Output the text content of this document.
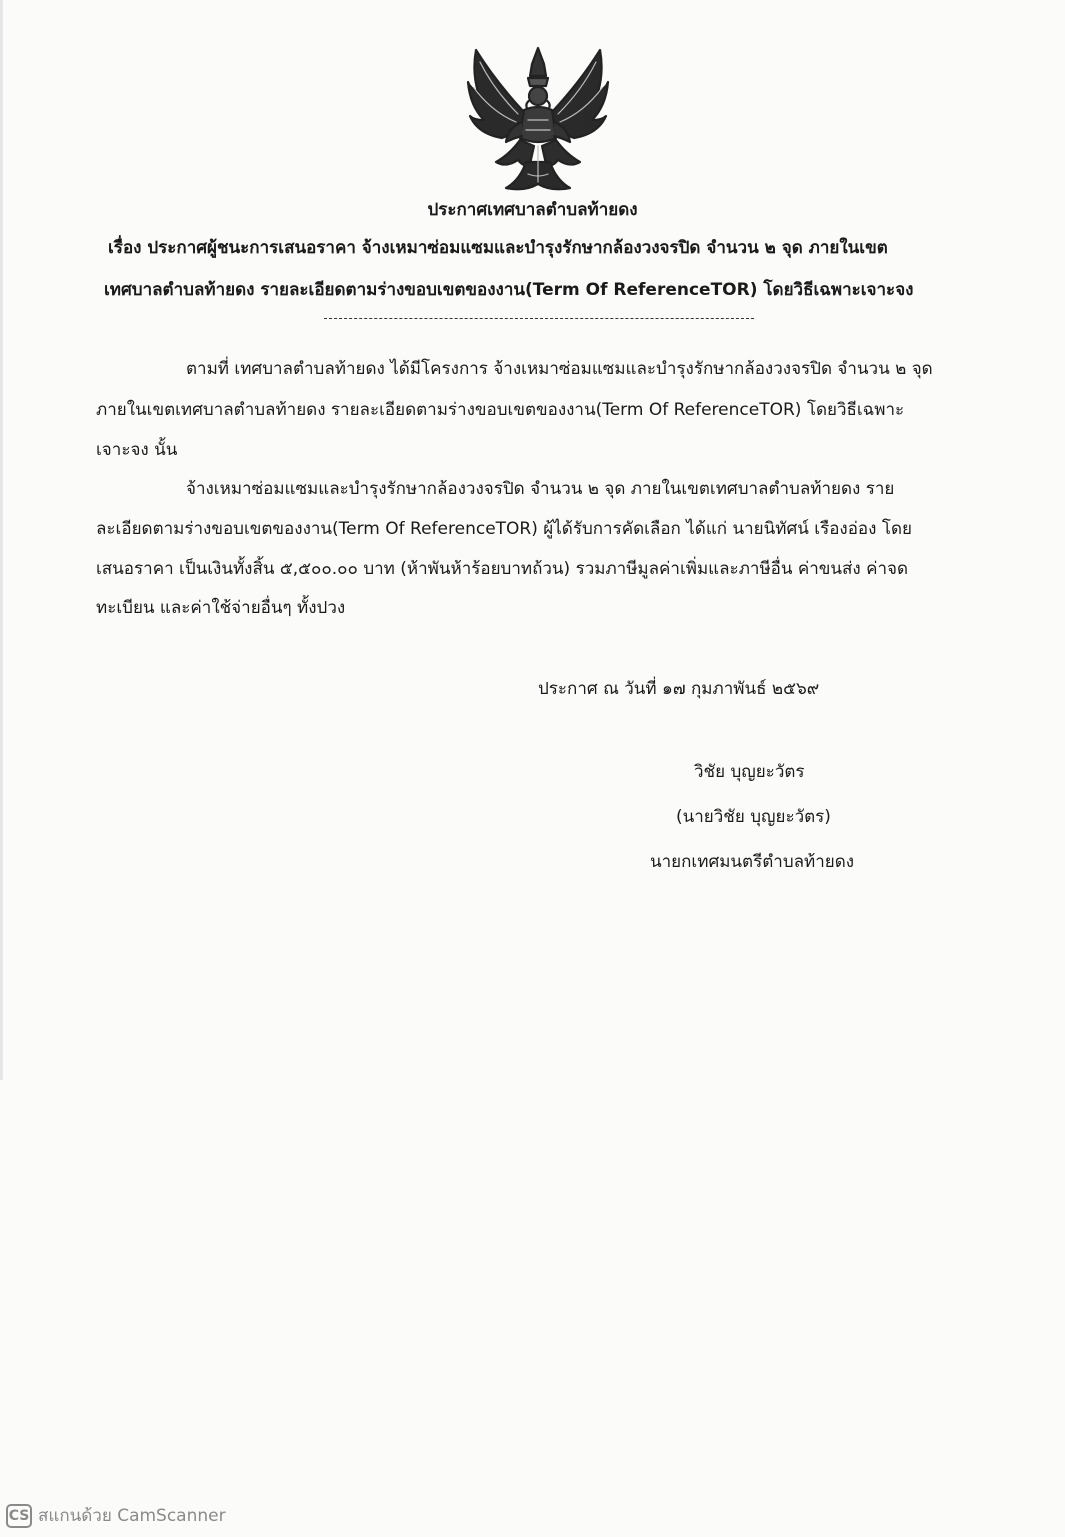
ประกาศเทศบาลตำบลท้ายดง
เรื่อง ประกาศผู้ชนะการเสนอราคา จ้างเหมาซ่อมแซมและบำรุงรักษากล้องวงจรปิด จำนวน ๒ จุด ภายในเขต
เทศบาลตำบลท้ายดง รายละเอียดตามร่างขอบเขตของงาน(Term Of ReferenceTOR) โดยวิธีเฉพาะเจาะจง
ตามที่ เทศบาลตำบลท้ายดง ได้มีโครงการ จ้างเหมาซ่อมแซมและบำรุงรักษากล้องวงจรปิด จำนวน ๒ จุด
ภายในเขตเทศบาลตำบลท้ายดง รายละเอียดตามร่างขอบเขตของงาน(Term Of ReferenceTOR) โดยวิธีเฉพาะ
เจาะจง นั้น
จ้างเหมาซ่อมแซมและบำรุงรักษากล้องวงจรปิด จำนวน ๒ จุด ภายในเขตเทศบาลตำบลท้ายดง ราย
ละเอียดตามร่างขอบเขตของงาน(Term Of ReferenceTOR) ผู้ได้รับการคัดเลือก ได้แก่ นายนิทัศน์ เรืองอ่อง โดย
เสนอราคา เป็นเงินทั้งสิ้น ๕,๕๐๐.๐๐ บาท (ห้าพันห้าร้อยบาทถ้วน) รวมภาษีมูลค่าเพิ่มและภาษีอื่น ค่าขนส่ง ค่าจด
ทะเบียน และค่าใช้จ่ายอื่นๆ ทั้งปวง
ประกาศ ณ วันที่ ๑๗ กุมภาพันธ์ ๒๕๖๙
วิชัย บุญยะวัตร
(นายวิชัย บุญยะวัตร)
นายกเทศมนตรีตำบลท้ายดง
CS สแกนด้วย CamScanner
